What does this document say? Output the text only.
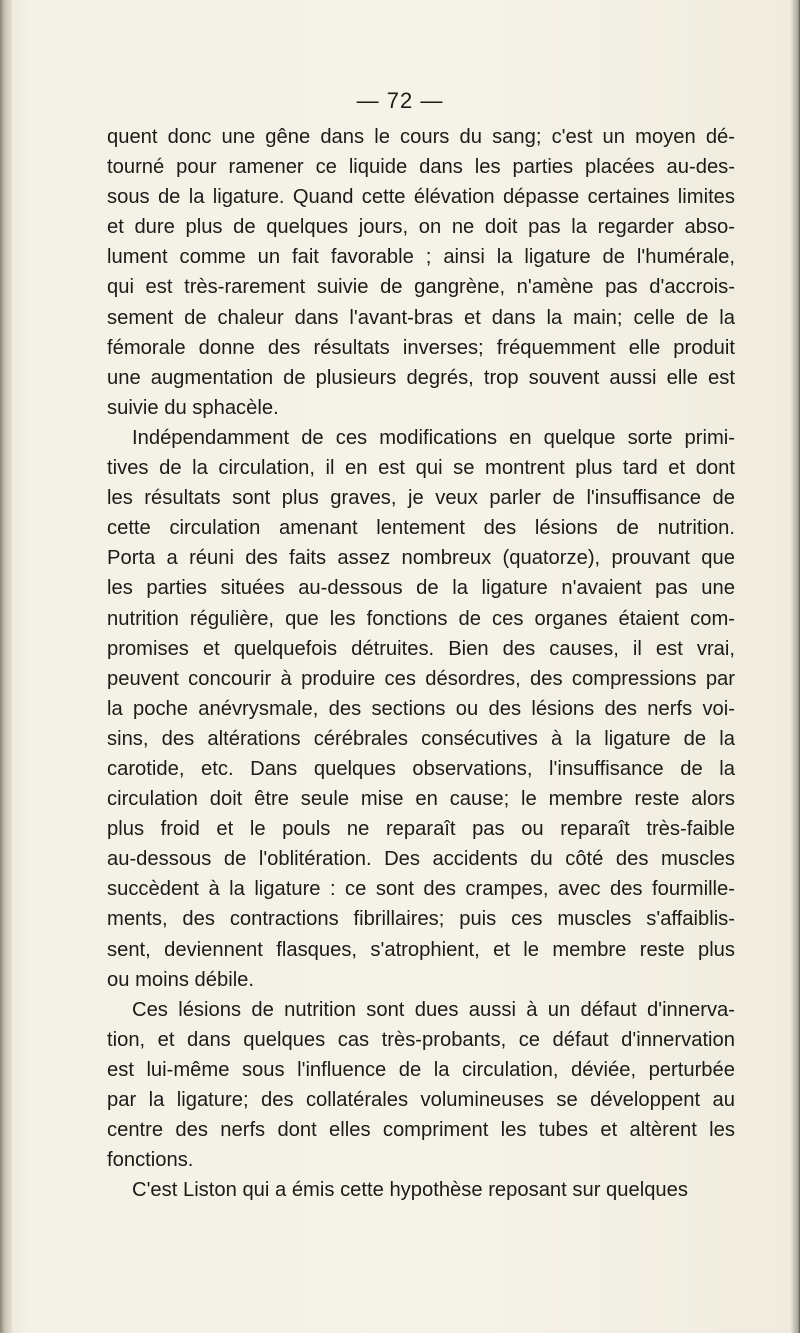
— 72 —
quent donc une gêne dans le cours du sang; c'est un moyen dé-
tourné pour ramener ce liquide dans les parties placées au-des-
sous de la ligature. Quand cette élévation dépasse certaines limites
et dure plus de quelques jours, on ne doit pas la regarder abso-
lument comme un fait favorable ; ainsi la ligature de l'humérale,
qui est très-rarement suivie de gangrène, n'amène pas d'accrois-
sement de chaleur dans l'avant-bras et dans la main; celle de la
fémorale donne des résultats inverses; fréquemment elle produit
une augmentation de plusieurs degrés, trop souvent aussi elle est
suivie du sphacèle.
Indépendamment de ces modifications en quelque sorte primi-
tives de la circulation, il en est qui se montrent plus tard et dont
les résultats sont plus graves, je veux parler de l'insuffisance de
cette circulation amenant lentement des lésions de nutrition.
Porta a réuni des faits assez nombreux (quatorze), prouvant que
les parties situées au-dessous de la ligature n'avaient pas une
nutrition régulière, que les fonctions de ces organes étaient com-
promises et quelquefois détruites. Bien des causes, il est vrai,
peuvent concourir à produire ces désordres, des compressions par
la poche anévrysmale, des sections ou des lésions des nerfs voi-
sins, des altérations cérébrales consécutives à la ligature de la
carotide, etc. Dans quelques observations, l'insuffisance de la
circulation doit être seule mise en cause; le membre reste alors
plus froid et le pouls ne reparaît pas ou reparaît très-faible
au-dessous de l'oblitération. Des accidents du côté des muscles
succèdent à la ligature : ce sont des crampes, avec des fourmille-
ments, des contractions fibrillaires; puis ces muscles s'affaiblis-
sent, deviennent flasques, s'atrophient, et le membre reste plus
ou moins débile.
Ces lésions de nutrition sont dues aussi à un défaut d'innerva-
tion, et dans quelques cas très-probants, ce défaut d'innervation
est lui-même sous l'influence de la circulation, déviée, perturbée
par la ligature; des collatérales volumineuses se développent au
centre des nerfs dont elles compriment les tubes et altèrent les
fonctions.
C'est Liston qui a émis cette hypothèse reposant sur quelques
